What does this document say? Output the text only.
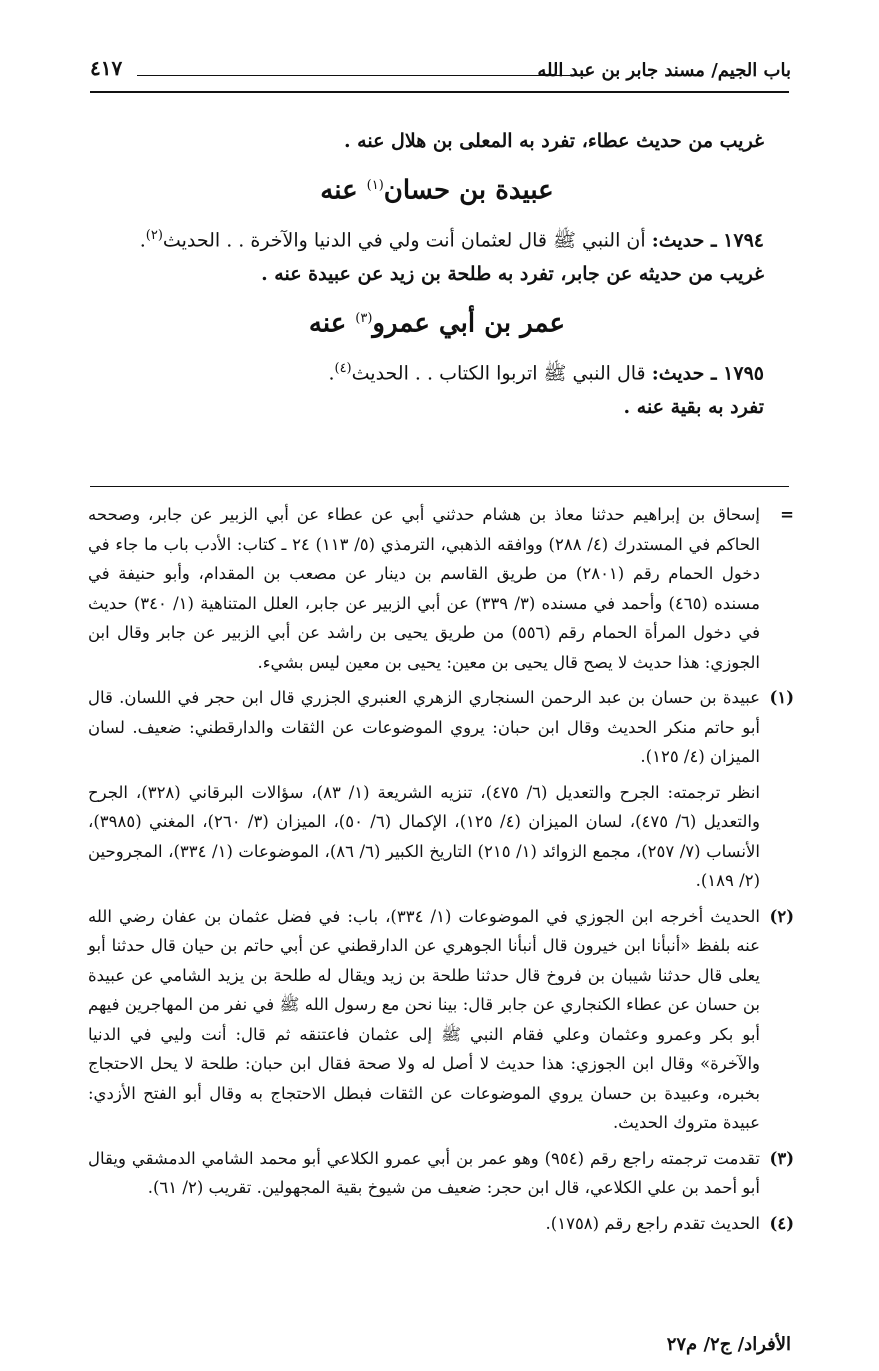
باب الجيم/ مسند جابر بن عبد الله
٤١٧

غريب من حديث عطاء، تفرد به المعلى بن هلال عنه .

عبيدة بن حسان$^{(١)}$ عنه

١٧٩٤ ـ حديث: أن النبي ﷺ قال لعثمان أنت ولي في الدنيا والآخرة . . الحديث$^{(٢)}$.

غريب من حديثه عن جابر، تفرد به طلحة بن زيد عن عبيدة عنه .

عمر بن أبي عمرو$^{(٣)}$ عنه

١٧٩٥ ـ حديث: قال النبي ﷺ اتربوا الكتاب . . الحديث$^{(٤)}$.

تفرد به بقية عنه .

=

إسحاق بن إبراهيم حدثنا معاذ بن هشام حدثني أبي عن عطاء عن أبي الزبير عن جابر، وصححه الحاكم في المستدرك (٤/ ٢٨٨) ووافقه الذهبي، الترمذي (٥/ ١١٣) ٢٤ ـ كتاب: الأدب باب ما جاء في دخول الحمام رقم (٢٨٠١) من طريق القاسم بن دينار عن مصعب بن المقدام، وأبو حنيفة في مسنده (٤٦٥) وأحمد في مسنده (٣/ ٣٣٩) عن أبي الزبير عن جابر، العلل المتناهية (١/ ٣٤٠) حديث في دخول المرأة الحمام رقم (٥٥٦) من طريق يحيى بن راشد عن أبي الزبير عن جابر وقال ابن الجوزي: هذا حديث لا يصح قال يحيى بن معين: يحيى بن معين ليس بشيء.

(١)

عبيدة بن حسان بن عبد الرحمن السنجاري الزهري العنبري الجزري قال ابن حجر في اللسان. قال أبو حاتم منكر الحديث وقال ابن حبان: يروي الموضوعات عن الثقات والدارقطني: ضعيف. لسان الميزان (٤/ ١٢٥).

انظر ترجمته: الجرح والتعديل (٦/ ٤٧٥)، تنزيه الشريعة (١/ ٨٣)، سؤالات البرقاني (٣٢٨)، الجرح والتعديل (٦/ ٤٧٥)، لسان الميزان (٤/ ١٢٥)، الإكمال (٦/ ٥٠)، الميزان (٣/ ٢٦٠)، المغني (٣٩٨٥)، الأنساب (٧/ ٢٥٧)، مجمع الزوائد (١/ ٢١٥) التاريخ الكبير (٦/ ٨٦)، الموضوعات (١/ ٣٣٤)، المجروحين (٢/ ١٨٩).

(٢)

الحديث أخرجه ابن الجوزي في الموضوعات (١/ ٣٣٤)، باب: في فضل عثمان بن عفان رضي الله عنه بلفظ «أنبأنا ابن خيرون قال أنبأنا الجوهري عن الدارقطني عن أبي حاتم بن حيان قال حدثنا أبو يعلى قال حدثنا شيبان بن فروخ قال حدثنا طلحة بن زيد ويقال له طلحة بن يزيد الشامي عن عبيدة بن حسان عن عطاء الكنجاري عن جابر قال: بينا نحن مع رسول الله ﷺ في نفر من المهاجرين فيهم أبو بكر وعمرو وعثمان وعلي فقام النبي ﷺ إلى عثمان فاعتنقه ثم قال: أنت وليي في الدنيا والآخرة» وقال ابن الجوزي: هذا حديث لا أصل له ولا صحة فقال ابن حبان: طلحة لا يحل الاحتجاج بخبره، وعبيدة بن حسان يروي الموضوعات عن الثقات فبطل الاحتجاج به وقال أبو الفتح الأزدي: عبيدة متروك الحديث.

(٣)

تقدمت ترجمته راجع رقم (٩٥٤) وهو عمر بن أبي عمرو الكلاعي أبو محمد الشامي الدمشقي ويقال أبو أحمد بن علي الكلاعي، قال ابن حجر: ضعيف من شيوخ بقية المجهولين. تقريب (٢/ ٦١).

(٤)

الحديث تقدم راجع رقم (١٧٥٨).

الأفراد/ ج٢/ م٢٧
